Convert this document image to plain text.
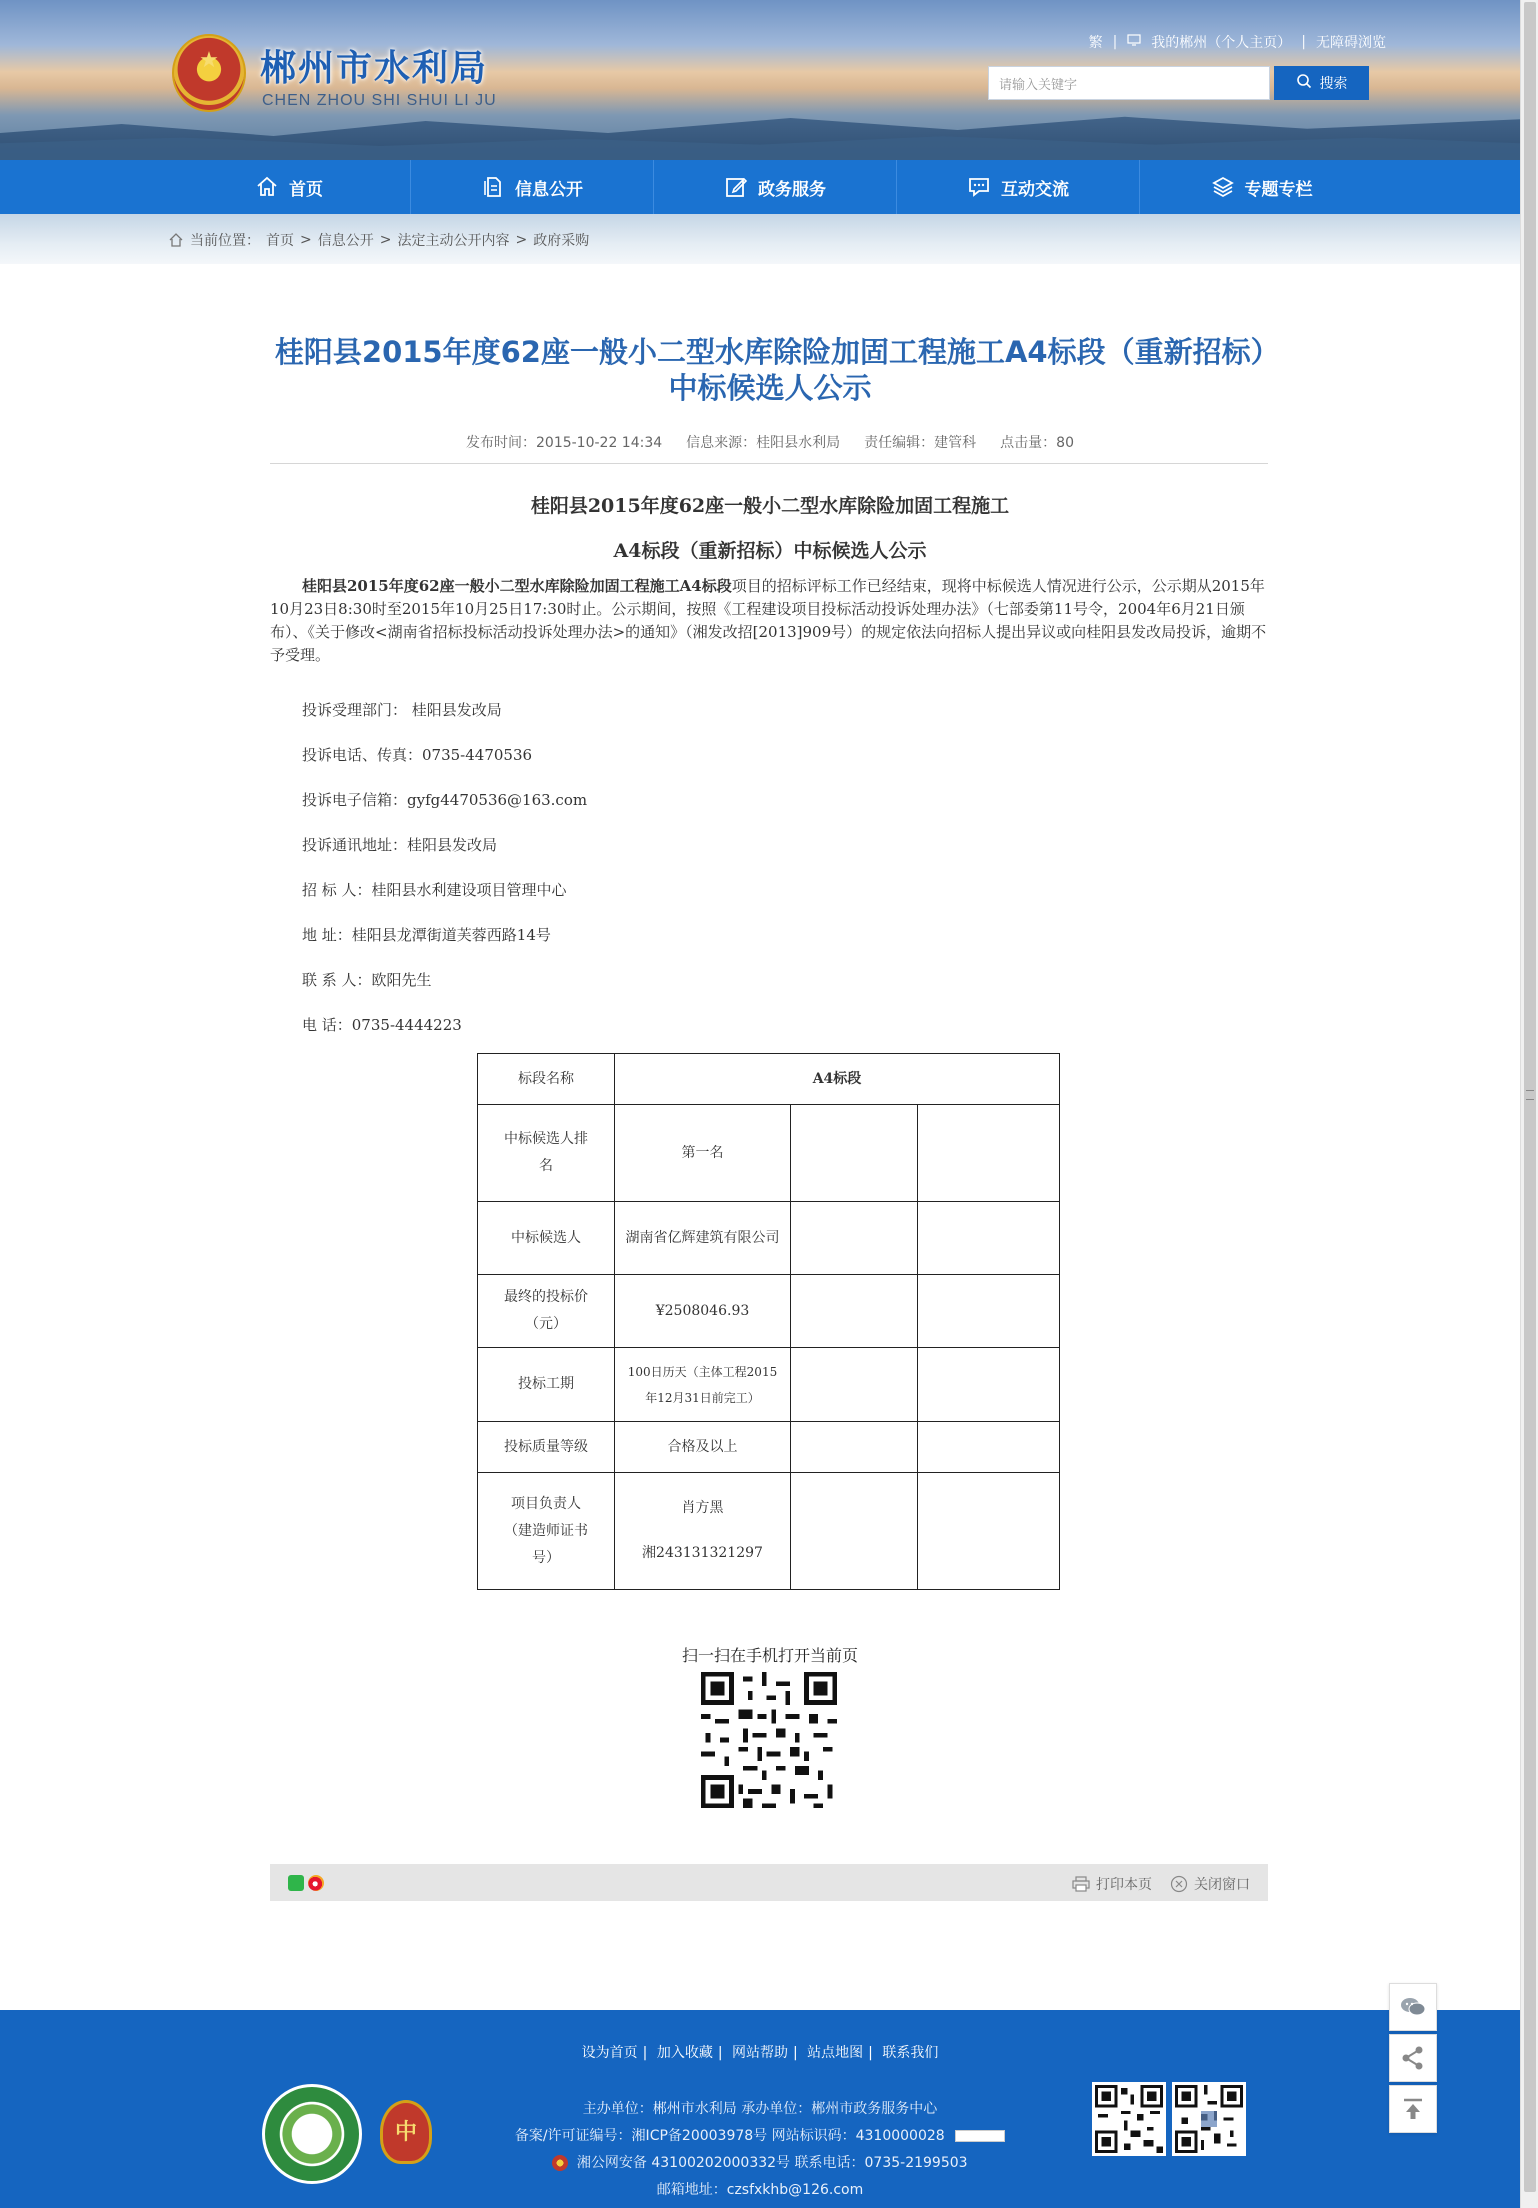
★	郴州市水利局
CHEN ZHOU SHI SHUI LI JU
繁 | 我的郴州（个人主页） | 无障碍浏览
请输入关键字	搜索
首页	信息公开	政务服务	互动交流	专题专栏
当前位置： 首页 > 信息公开 > 法定主动公开内容 > 政府采购
桂阳县2015年度62座一般小二型水库除险加固工程施工A4标段（重新招标）中标候选人公示
发布时间：2015-10-22 14:34 信息来源：桂阳县水利局 责任编辑：建管科 点击量：80
桂阳县2015年度62座一般小二型水库除险加固工程施工
A4标段（重新招标）中标候选人公示

桂阳县2015年度62座一般小二型水库除险加固工程施工A4标段项目的招标评标工作已经结束，现将中标候选人情况进行公示，公示期从2015年10月23日8:30时至2015年10月25日17:30时止。公示期间，按照《工程建设项目投标活动投诉处理办法》（七部委第11号令，2004年6月21日颁布）、《关于修改<湖南省招标投标活动投诉处理办法>的通知》（湘发改招[2013]909号）的规定依法向招标人提出异议或向桂阳县发改局投诉，逾期不予受理。

投诉受理部门： 桂阳县发改局
投诉电话、传真：0735-4470536
投诉电子信箱：gyfg4470536@163.com
投诉通讯地址：桂阳县发改局
招 标 人：桂阳县水利建设项目管理中心
地 址：桂阳县龙潭街道芙蓉西路14号
联 系 人：欧阳先生
电 话：0735-4444223
标段名称	A4标段		
中标候选人排名	第一名		
中标候选人	湖南省亿辉建筑有限公司		
最终的投标价（元）	¥2508046.93		
投标工期	100日历天（主体工程2015年12月31日前完工）		
投标质量等级	合格及以上		
项目负责人（建造师证书号）	肖方黑
湘243131321297		

扫一扫在手机打开当前页
打印本页	关闭窗口
设为首页 | 加入收藏 | 网站帮助 | 站点地图 | 联系我们
中
主办单位：郴州市水利局 承办单位：郴州市政务服务中心
备案/许可证编号：湘ICP备20003978号 网站标识码：4310000028
湘公网安备 43100202000332号 联系电话：0735-2199503
邮箱地址：czsfxkhb@126.com
